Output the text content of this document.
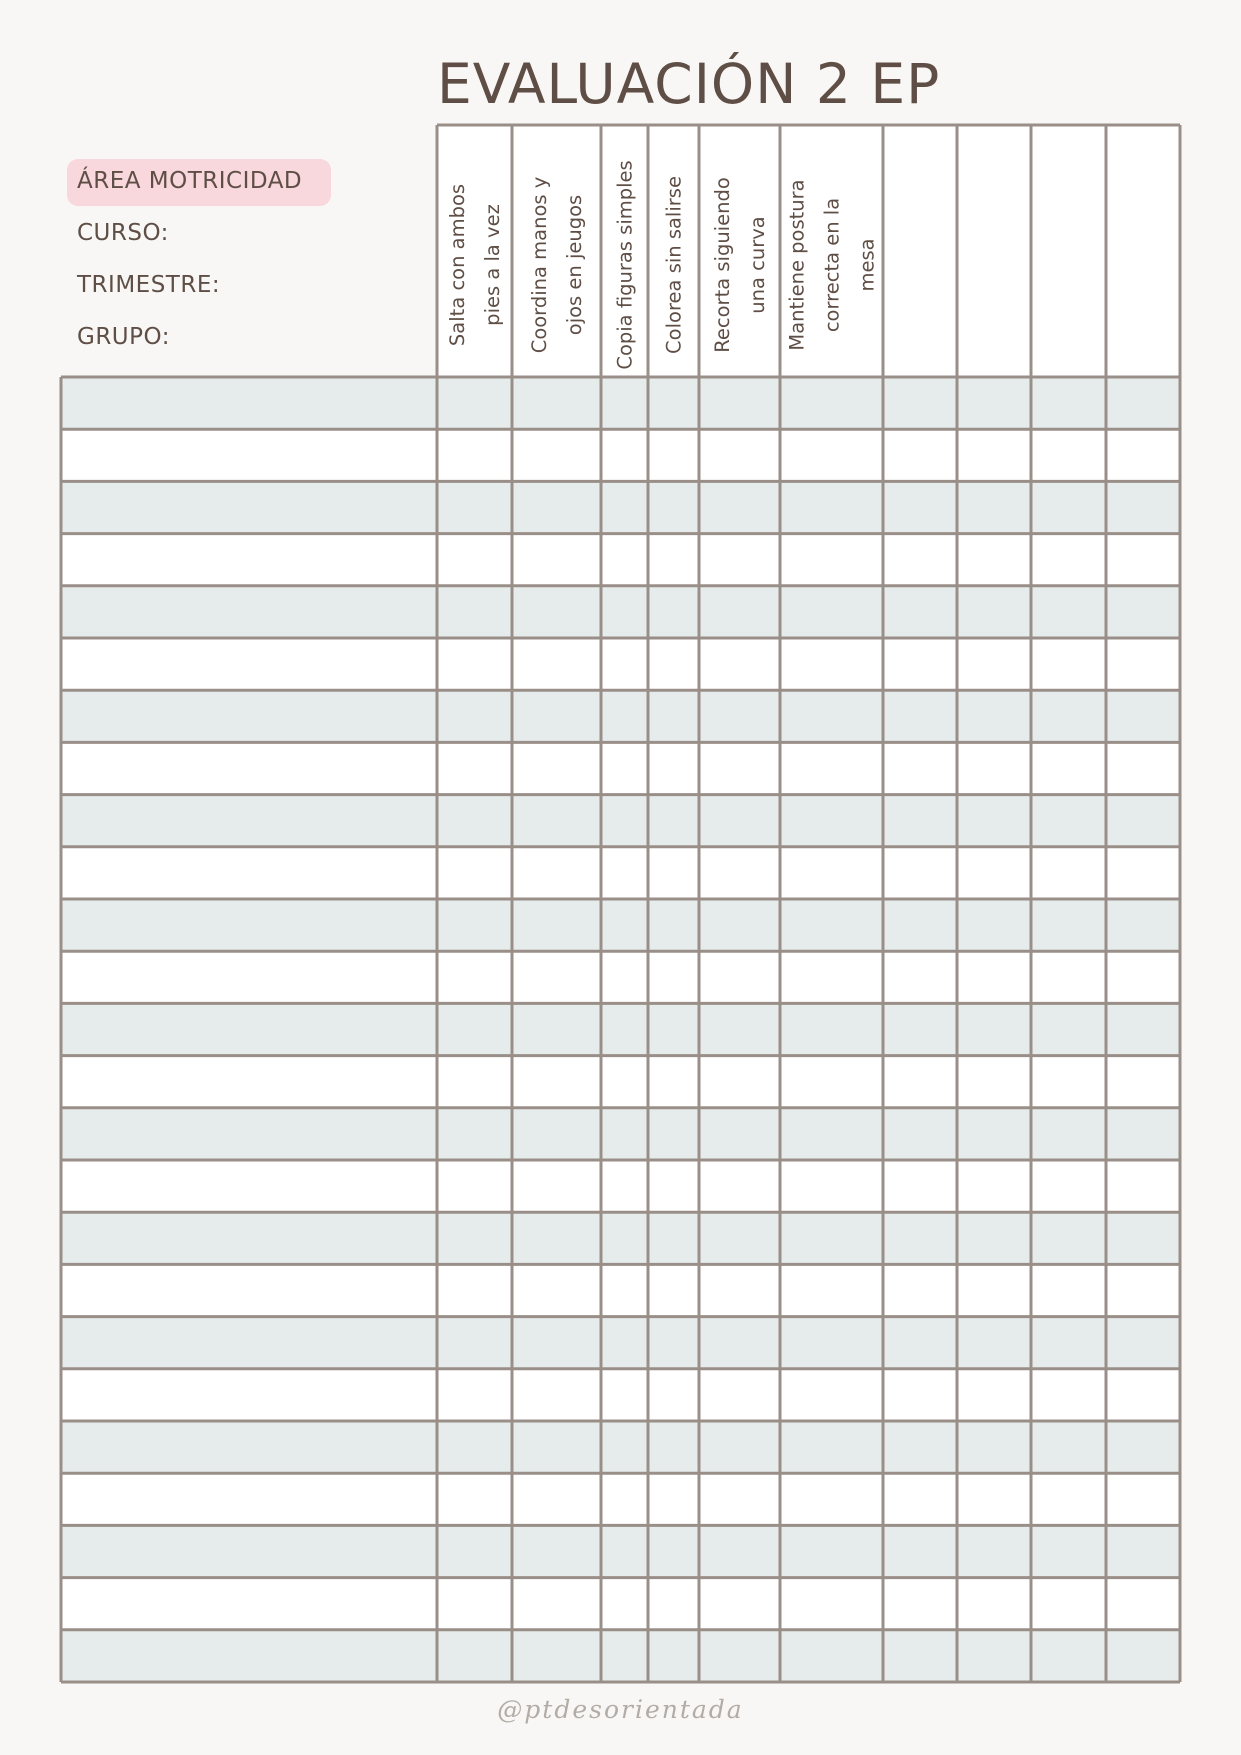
EVALUACIÓN 2 EP
ÁREA MOTRICIDAD
CURSO:
TRIMESTRE:
GRUPO:	Salta con ambos pies a la vez Coordina manos y ojos en jeugos Copia figuras simples Colorea sin salirse Recorta siguiendo una curva Mantiene postura correcta en la mesa
@ptdesorientada
